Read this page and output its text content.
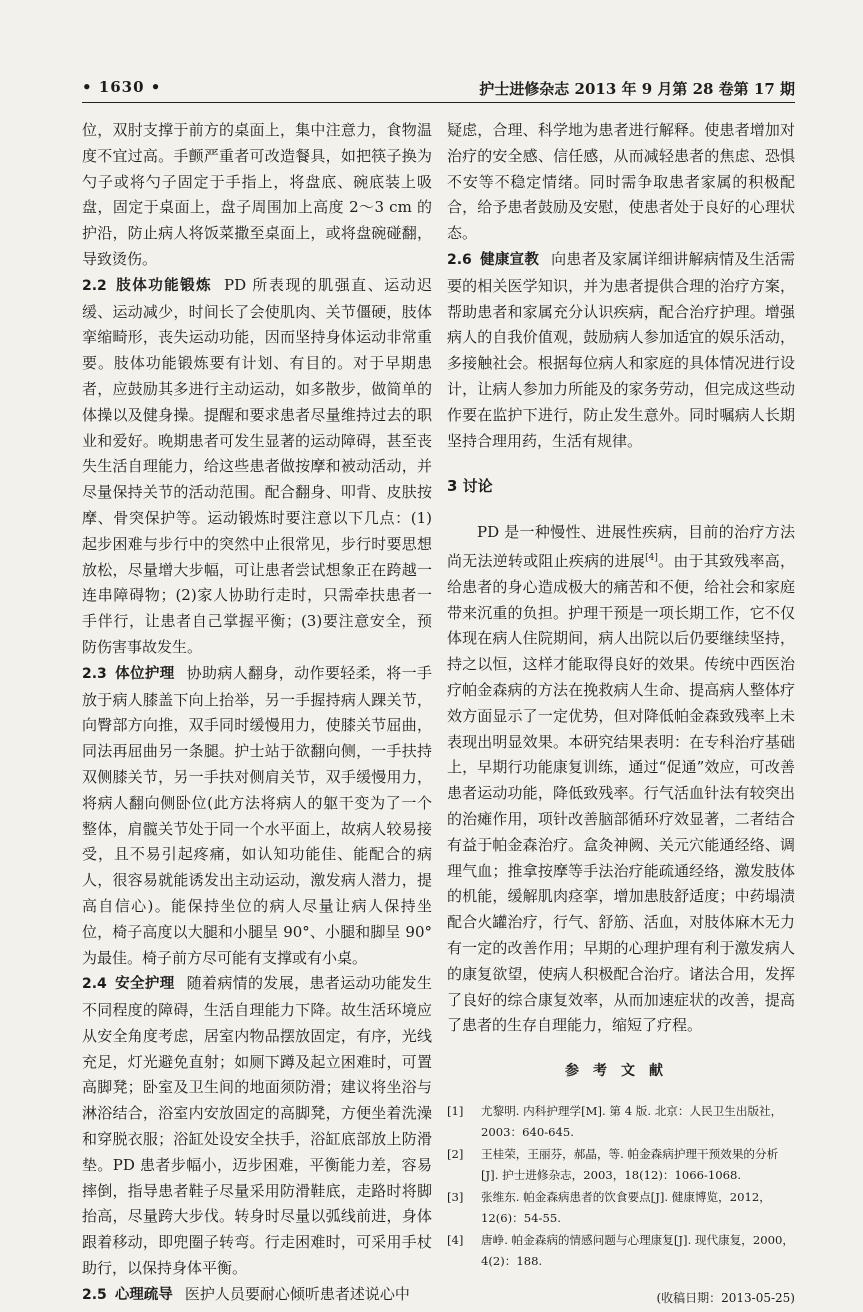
• 1630 •	护士进修杂志 2013 年 9 月第 28 卷第 17 期

位，双肘支撑于前方的桌面上，集中注意力，食物温度不宜过高。手颤严重者可改造餐具，如把筷子换为勺子或将勺子固定于手指上，将盘底、碗底装上吸盘，固定于桌面上，盘子周围加上高度 2～3 cm 的护沿，防止病人将饭菜撒至桌面上，或将盘碗碰翻，导致烫伤。

2.2 肢体功能锻炼 PD 所表现的肌强直、运动迟缓、运动减少，时间长了会使肌肉、关节僵硬，肢体挛缩畸形，丧失运动功能，因而坚持身体运动非常重要。肢体功能锻炼要有计划、有目的。对于早期患者，应鼓励其多进行主动运动，如多散步，做简单的体操以及健身操。提醒和要求患者尽量维持过去的职业和爱好。晚期患者可发生显著的运动障碍，甚至丧失生活自理能力，给这些患者做按摩和被动活动，并尽量保持关节的活动范围。配合翻身、叩背、皮肤按摩、骨突保护等。运动锻炼时要注意以下几点：(1)起步困难与步行中的突然中止很常见，步行时要思想放松，尽量增大步幅，可让患者尝试想象正在跨越一连串障碍物；(2)家人协助行走时，只需牵扶患者一手伴行，让患者自己掌握平衡；(3)要注意安全，预防伤害事故发生。

2.3 体位护理 协助病人翻身，动作要轻柔，将一手放于病人膝盖下向上抬举，另一手握持病人踝关节，向臀部方向推，双手同时缓慢用力，使膝关节屈曲，同法再屈曲另一条腿。护士站于欲翻向侧，一手扶持双侧膝关节，另一手扶对侧肩关节，双手缓慢用力，将病人翻向侧卧位(此方法将病人的躯干变为了一个整体，肩髋关节处于同一个水平面上，故病人较易接受，且不易引起疼痛，如认知功能佳、能配合的病人，很容易就能诱发出主动运动，激发病人潜力，提高自信心)。能保持坐位的病人尽量让病人保持坐位，椅子高度以大腿和小腿呈 90°、小腿和脚呈 90°为最佳。椅子前方尽可能有支撑或有小桌。

2.4 安全护理 随着病情的发展，患者运动功能发生不同程度的障碍，生活自理能力下降。故生活环境应从安全角度考虑，居室内物品摆放固定，有序，光线充足，灯光避免直射；如厕下蹲及起立困难时，可置高脚凳；卧室及卫生间的地面须防滑；建议将坐浴与淋浴结合，浴室内安放固定的高脚凳，方便坐着洗澡和穿脱衣服；浴缸处设安全扶手，浴缸底部放上防滑垫。PD 患者步幅小，迈步困难，平衡能力差，容易摔倒，指导患者鞋子尽量采用防滑鞋底，走路时将脚抬高，尽量跨大步伐。转身时尽量以弧线前进，身体跟着移动，即兜圈子转弯。行走困难时，可采用手杖助行，以保持身体平衡。

2.5 心理疏导 医护人员要耐心倾听患者述说心中

疑虑，合理、科学地为患者进行解释。使患者增加对治疗的安全感、信任感，从而减轻患者的焦虑、恐惧不安等不稳定情绪。同时需争取患者家属的积极配合，给予患者鼓励及安慰，使患者处于良好的心理状态。

2.6 健康宣教 向患者及家属详细讲解病情及生活需要的相关医学知识，并为患者提供合理的治疗方案，帮助患者和家属充分认识疾病，配合治疗护理。增强病人的自我价值观，鼓励病人参加适宜的娱乐活动，多接触社会。根据每位病人和家庭的具体情况进行设计，让病人参加力所能及的家务劳动，但完成这些动作要在监护下进行，防止发生意外。同时嘱病人长期坚持合理用药，生活有规律。

3 讨论

PD 是一种慢性、进展性疾病，目前的治疗方法尚无法逆转或阻止疾病的进展[4]。由于其致残率高，给患者的身心造成极大的痛苦和不便，给社会和家庭带来沉重的负担。护理干预是一项长期工作，它不仅体现在病人住院期间，病人出院以后仍要继续坚持，持之以恒，这样才能取得良好的效果。传统中西医治疗帕金森病的方法在挽救病人生命、提高病人整体疗效方面显示了一定优势，但对降低帕金森致残率上未表现出明显效果。本研究结果表明：在专科治疗基础上，早期行功能康复训练，通过“促通”效应，可改善患者运动功能，降低致残率。行气活血针法有较突出的治瘫作用，项针改善脑部循环疗效显著，二者结合有益于帕金森治疗。盒灸神阙、关元穴能通经络、调理气血；推拿按摩等手法治疗能疏通经络，激发肢体的机能，缓解肌肉痉挛，增加患肢舒适度；中药塌渍配合火罐治疗，行气、舒筋、活血，对肢体麻木无力有一定的改善作用；早期的心理护理有利于激发病人的康复欲望，使病人积极配合治疗。诸法合用，发挥了良好的综合康复效率，从而加速症状的改善，提高了患者的生存自理能力，缩短了疗程。

参考文献

[1] 尤黎明. 内科护理学[M]. 第 4 版. 北京：人民卫生出版社，2003：640-645.

[2] 王桂荣，王丽芬，郝晶，等. 帕金森病护理干预效果的分析[J]. 护士进修杂志，2003，18(12)：1066-1068.

[3] 张维东. 帕金森病患者的饮食要点[J]. 健康博览，2012，12(6)：54-55.

[4] 唐峥. 帕金森病的情感问题与心理康复[J]. 现代康复，2000，4(2)：188.

(收稿日期：2013-05-25)
